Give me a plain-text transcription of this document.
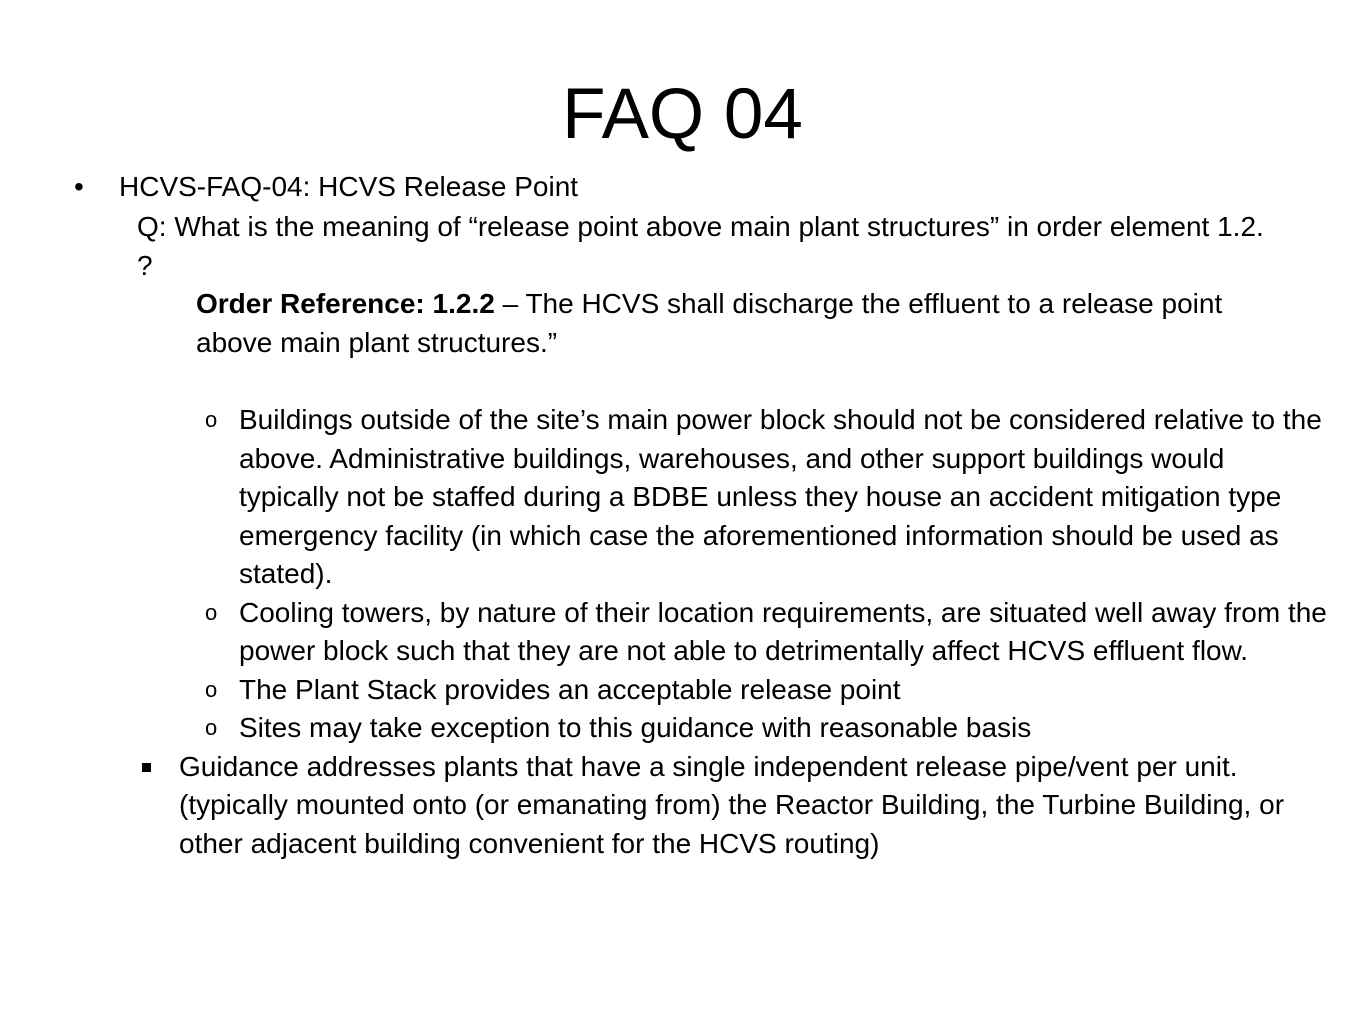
FAQ 04
• HCVS-FAQ-04: HCVS Release Point
Q: What is the meaning of “release point above main plant structures” in order element 1.2. ?
Order Reference: 1.2.2 – The HCVS shall discharge the effluent to a release point above main plant structures.”
o Buildings outside of the site’s main power block should not be considered relative to the above. Administrative buildings, warehouses, and other support buildings would typically not be staffed during a BDBE unless they house an accident mitigation type emergency facility (in which case the aforementioned information should be used as stated).
o Cooling towers, by nature of their location requirements, are situated well away from the power block such that they are not able to detrimentally affect HCVS effluent flow.
o The Plant Stack provides an acceptable release point
o Sites may take exception to this guidance with reasonable basis
Guidance addresses plants that have a single independent release pipe/vent per unit. (typically mounted onto (or emanating from) the Reactor Building, the Turbine Building, or other adjacent building convenient for the HCVS routing)
